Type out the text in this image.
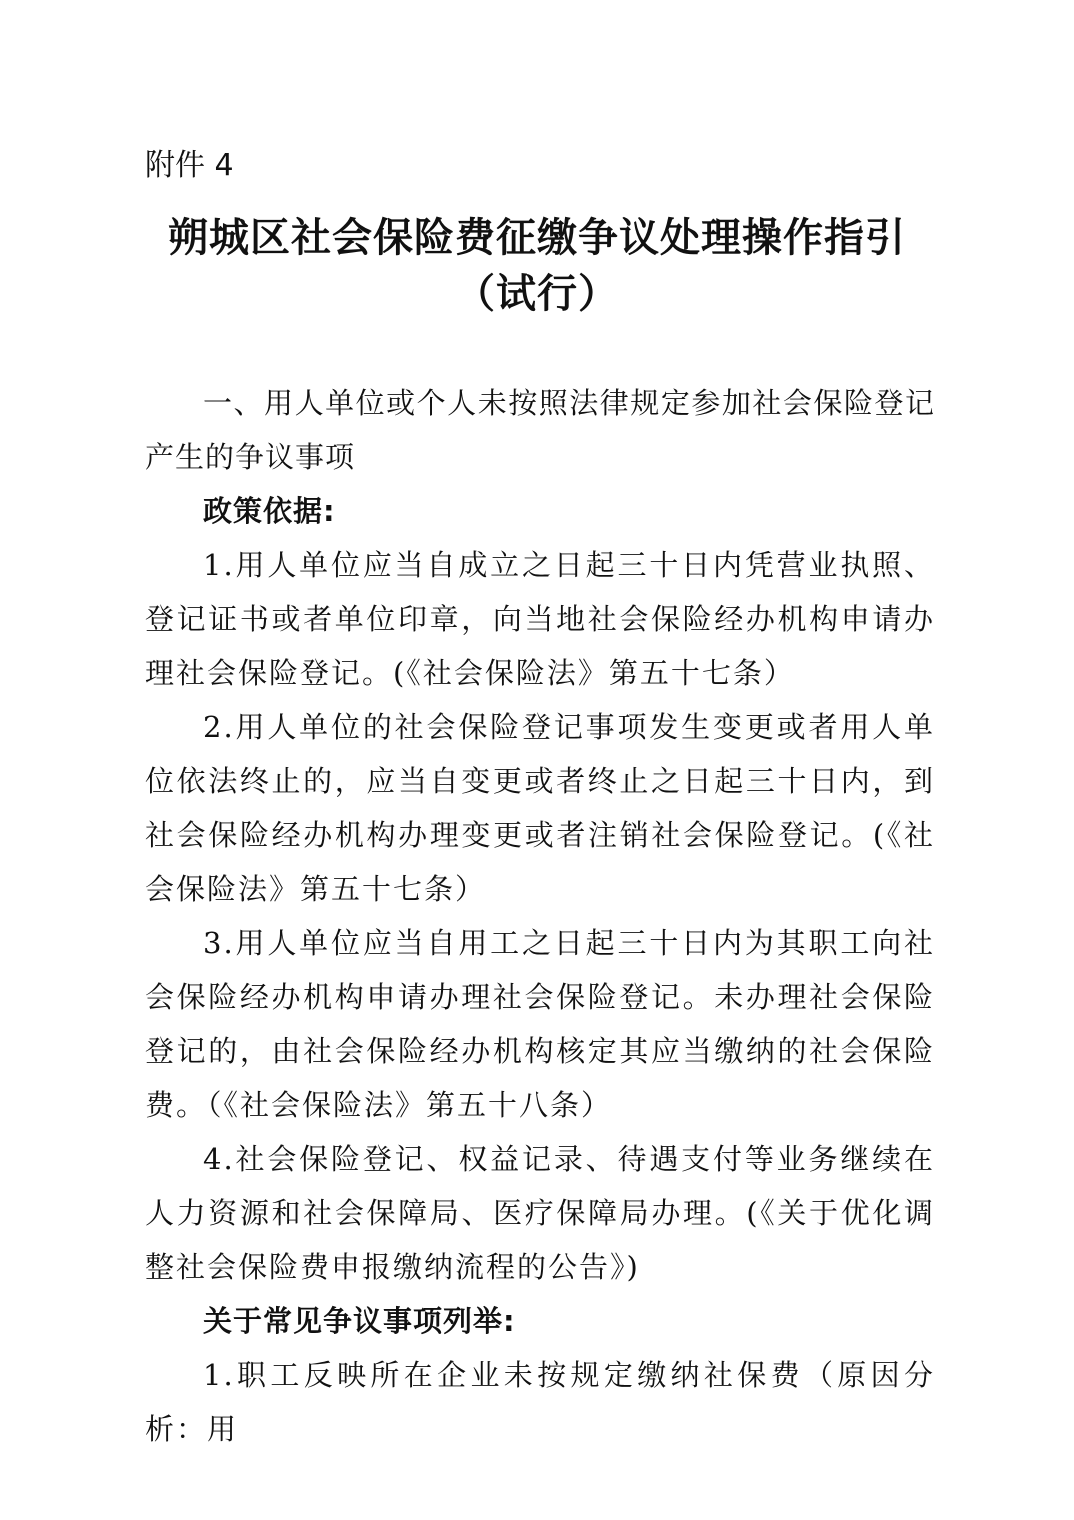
附件 4
朔城区社会保险费征缴争议处理操作指引
（试行）

一、用人单位或个人未按照法律规定参加社会保险登记产生的争议事项

政策依据:

1.用人单位应当自成立之日起三十日内凭营业执照、登记证书或者单位印章，向当地社会保险经办机构申请办理社会保险登记。(《社会保险法》第五十七条）

2.用人单位的社会保险登记事项发生变更或者用人单位依法终止的，应当自变更或者终止之日起三十日内，到社会保险经办机构办理变更或者注销社会保险登记。(《社会保险法》第五十七条）

3.用人单位应当自用工之日起三十日内为其职工向社会保险经办机构申请办理社会保险登记。未办理社会保险登记的，由社会保险经办机构核定其应当缴纳的社会保险费。（《社会保险法》第五十八条）

4.社会保险登记、权益记录、待遇支付等业务继续在人力资源和社会保障局、医疗保障局办理。(《关于优化调整社会保险费申报缴纳流程的公告》)

关于常见争议事项列举:

1.职工反映所在企业未按规定缴纳社保费（原因分析：用
